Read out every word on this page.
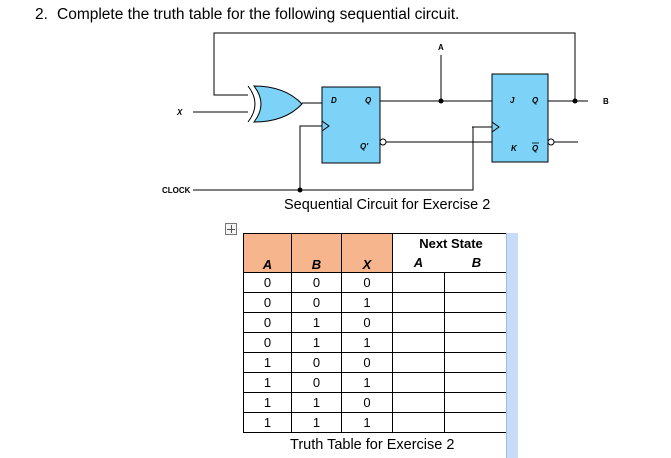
2. Complete the truth table for the following sequential circuit.
X
CLOCK
A
B
D	Q
Q'
J Q
K Q
Sequential Circuit for Exercise 2
A	B	X	Next State	
			A	B
0	0	0		
0	0	1		
0	1	0		
0	1	1		
1	0	0		
1	0	1		
1	1	0		
1	1	1		
Truth Table for Exercise 2
